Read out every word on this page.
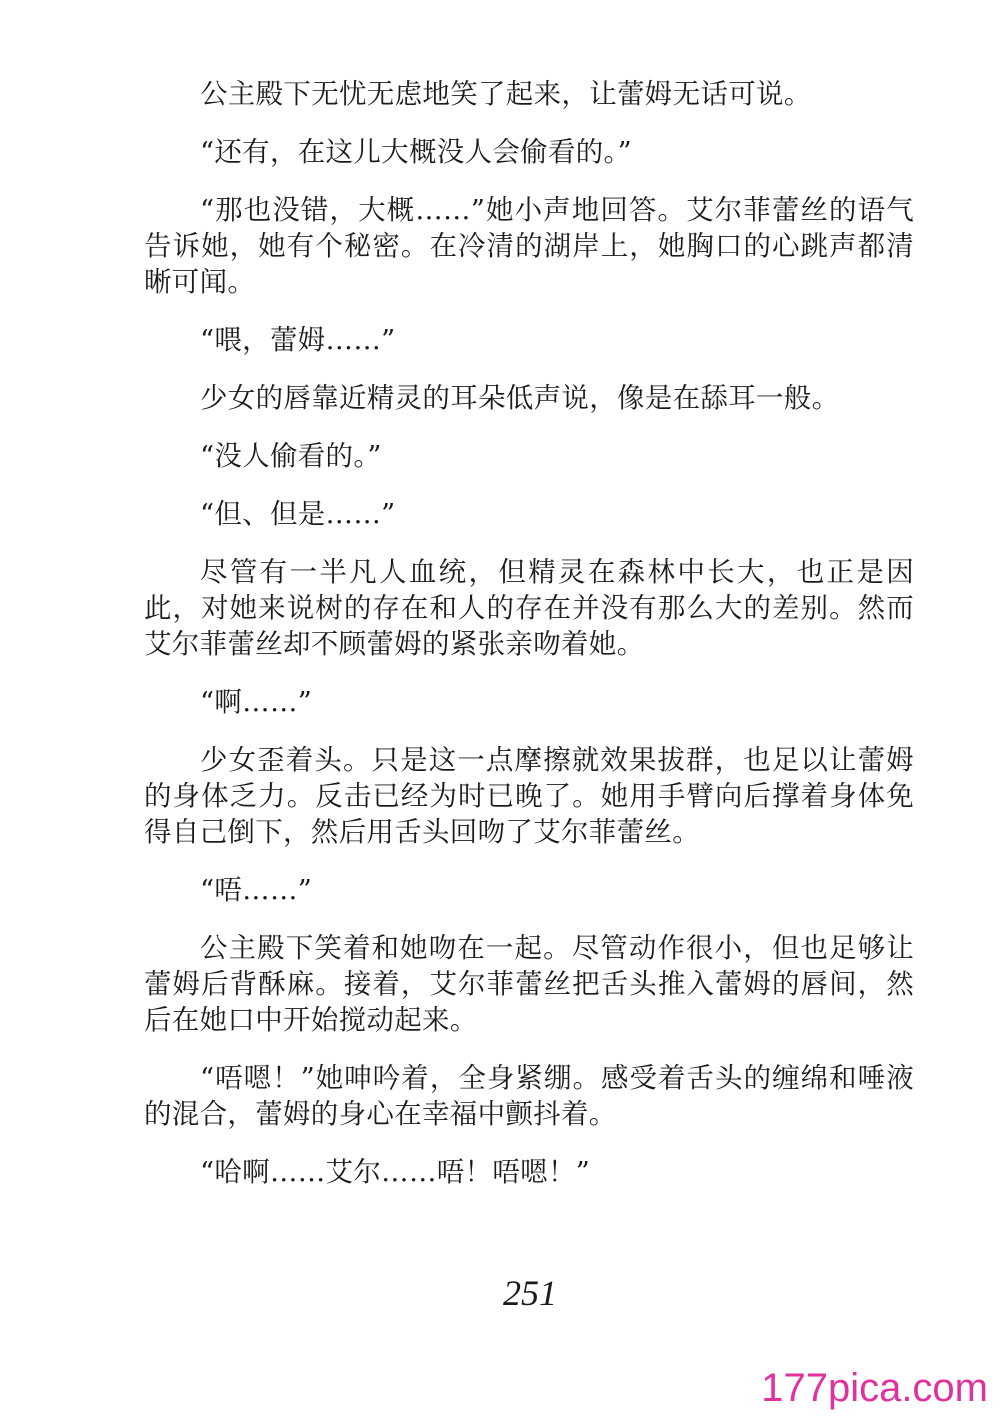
公主殿下无忧无虑地笑了起来，让蕾姆无话可说。

“还有，在这儿大概没人会偷看的。”

“那也没错，大概……”她小声地回答。艾尔菲蕾丝的语气告诉她，她有个秘密。在冷清的湖岸上，她胸口的心跳声都清晰可闻。

“喂，蕾姆……”

少女的唇靠近精灵的耳朵低声说，像是在舔耳一般。

“没人偷看的。”

“但、但是……”

尽管有一半凡人血统，但精灵在森林中长大，也正是因此，对她来说树的存在和人的存在并没有那么大的差别。然而艾尔菲蕾丝却不顾蕾姆的紧张亲吻着她。

“啊……”

少女歪着头。只是这一点摩擦就效果拔群，也足以让蕾姆的身体乏力。反击已经为时已晚了。她用手臂向后撑着身体免得自己倒下，然后用舌头回吻了艾尔菲蕾丝。

“唔……”

公主殿下笑着和她吻在一起。尽管动作很小，但也足够让蕾姆后背酥麻。接着，艾尔菲蕾丝把舌头推入蕾姆的唇间，然后在她口中开始搅动起来。

“唔嗯！”她呻吟着，全身紧绷。感受着舌头的缠绵和唾液的混合，蕾姆的身心在幸福中颤抖着。

“哈啊……艾尔……唔！唔嗯！”

251
177pica.com
